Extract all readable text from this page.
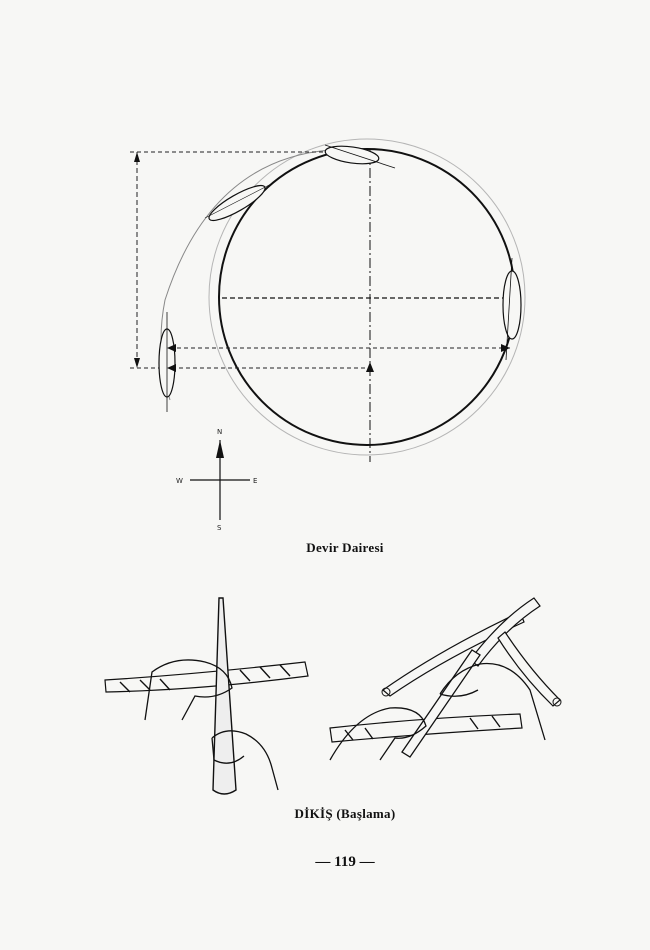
N
S
E
W
Devir Dairesi
DİKİŞ (Başlama)
— 119 —
